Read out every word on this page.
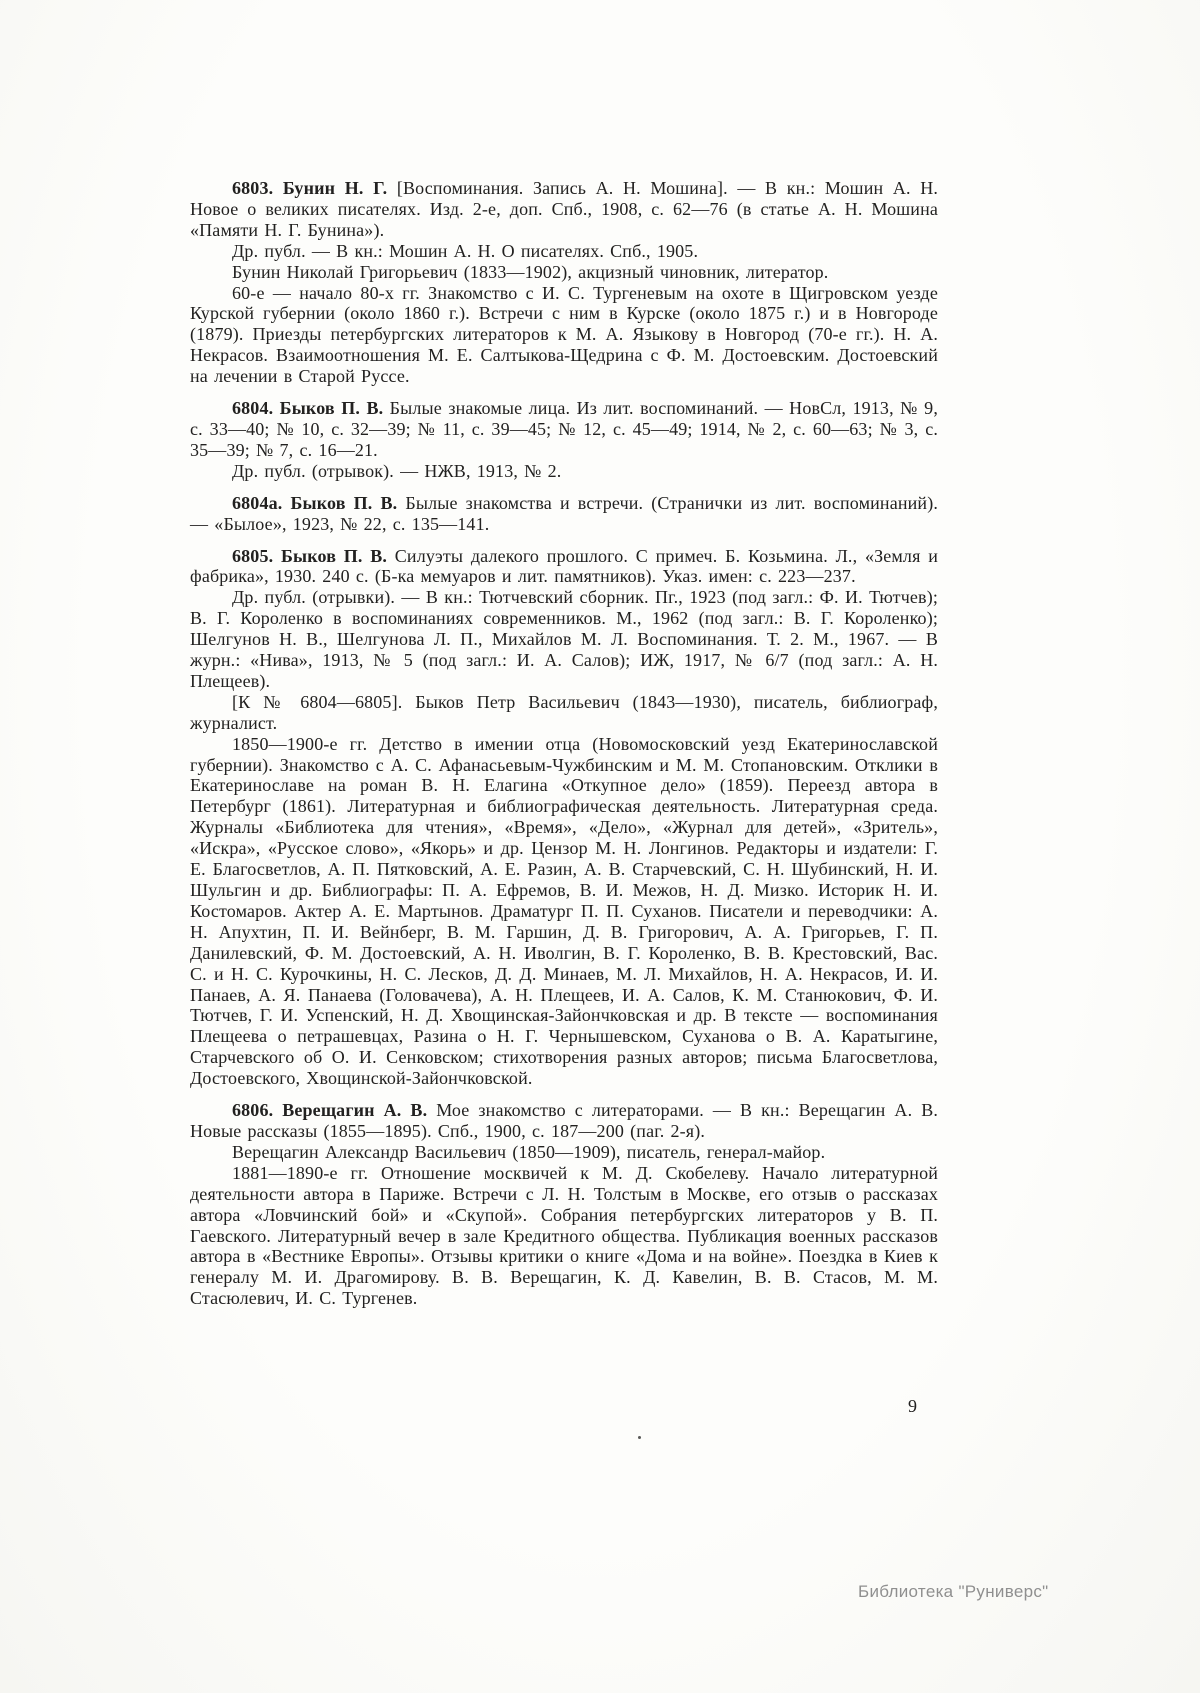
6803. Бунин Н. Г. [Воспоминания. Запись А. Н. Мошина]. — В кн.: Мошин А. Н. Новое о великих писателях. Изд. 2-е, доп. Спб., 1908, с. 62—76 (в статье А. Н. Мошина «Памяти Н. Г. Бунина»).

Др. публ. — В кн.: Мошин А. Н. О писателях. Спб., 1905.

Бунин Николай Григорьевич (1833—1902), акцизный чиновник, литератор.

60-е — начало 80-х гг. Знакомство с И. С. Тургеневым на охоте в Щигровском уезде Курской губернии (около 1860 г.). Встречи с ним в Курске (около 1875 г.) и в Новгороде (1879). Приезды петербургских литераторов к М. А. Языкову в Новгород (70-е гг.). Н. А. Некрасов. Взаимоотношения М. Е. Салтыкова-Щедрина с Ф. М. Достоевским. Достоевский на лечении в Старой Руссе.

6804. Быков П. В. Былые знакомые лица. Из лит. воспоминаний. — НовСл, 1913, № 9, с. 33—40; № 10, с. 32—39; № 11, с. 39—45; № 12, с. 45—49; 1914, № 2, с. 60—63; № 3, с. 35—39; № 7, с. 16—21.

Др. публ. (отрывок). — НЖВ, 1913, № 2.

6804а. Быков П. В. Былые знакомства и встречи. (Странички из лит. воспоминаний). — «Былое», 1923, № 22, с. 135—141.

6805. Быков П. В. Силуэты далекого прошлого. С примеч. Б. Козьмина. Л., «Земля и фабрика», 1930. 240 с. (Б-ка мемуаров и лит. памятников). Указ. имен: с. 223—237.

Др. публ. (отрывки). — В кн.: Тютчевский сборник. Пг., 1923 (под загл.: Ф. И. Тютчев); В. Г. Короленко в воспоминаниях современников. М., 1962 (под загл.: В. Г. Короленко); Шелгунов Н. В., Шелгунова Л. П., Михайлов М. Л. Воспоминания. Т. 2. М., 1967. — В журн.: «Нива», 1913, № 5 (под загл.: И. А. Салов); ИЖ, 1917, № 6/7 (под загл.: А. Н. Плещеев).

[К № 6804—6805]. Быков Петр Васильевич (1843—1930), писатель, библиограф, журналист.

1850—1900-е гг. Детство в имении отца (Новомосковский уезд Екатеринославской губернии). Знакомство с А. С. Афанасьевым-Чужбинским и М. М. Стопановским. Отклики в Екатеринославе на роман В. Н. Елагина «Откупное дело» (1859). Переезд автора в Петербург (1861). Литературная и библиографическая деятельность. Литературная среда. Журналы «Библиотека для чтения», «Время», «Дело», «Журнал для детей», «Зритель», «Искра», «Русское слово», «Якорь» и др. Цензор М. Н. Лонгинов. Редакторы и издатели: Г. Е. Благосветлов, А. П. Пятковский, А. Е. Разин, А. В. Старчевский, С. Н. Шубинский, Н. И. Шульгин и др. Библиографы: П. А. Ефремов, В. И. Межов, Н. Д. Мизко. Историк Н. И. Костомаров. Актер А. Е. Мартынов. Драматург П. П. Суханов. Писатели и переводчики: А. Н. Апухтин, П. И. Вейнберг, В. М. Гаршин, Д. В. Григорович, А. А. Григорьев, Г. П. Данилевский, Ф. М. Достоевский, А. Н. Иволгин, В. Г. Короленко, В. В. Крестовский, Вас. С. и Н. С. Курочкины, Н. С. Лесков, Д. Д. Минаев, М. Л. Михайлов, Н. А. Некрасов, И. И. Панаев, А. Я. Панаева (Головачева), А. Н. Плещеев, И. А. Салов, К. М. Станюкович, Ф. И. Тютчев, Г. И. Успенский, Н. Д. Хвощинская-Зайончковская и др. В тексте — воспоминания Плещеева о петрашевцах, Разина о Н. Г. Чернышевском, Суханова о В. А. Каратыгине, Старчевского об О. И. Сенковском; стихотворения разных авторов; письма Благосветлова, Достоевского, Хвощинской-Зайончковской.

6806. Верещагин А. В. Мое знакомство с литераторами. — В кн.: Верещагин А. В. Новые рассказы (1855—1895). Спб., 1900, с. 187—200 (паг. 2-я).

Верещагин Александр Васильевич (1850—1909), писатель, генерал-майор.

1881—1890-е гг. Отношение москвичей к М. Д. Скобелеву. Начало литературной деятельности автора в Париже. Встречи с Л. Н. Толстым в Москве, его отзыв о рассказах автора «Ловчинский бой» и «Скупой». Собрания петербургских литераторов у В. П. Гаевского. Литературный вечер в зале Кредитного общества. Публикация военных рассказов автора в «Вестнике Европы». Отзывы критики о книге «Дома и на войне». Поездка в Киев к генералу М. И. Драгомирову. В. В. Верещагин, К. Д. Кавелин, В. В. Стасов, М. М. Стасюлевич, И. С. Тургенев.

9
Библиотека "Руниверс"
